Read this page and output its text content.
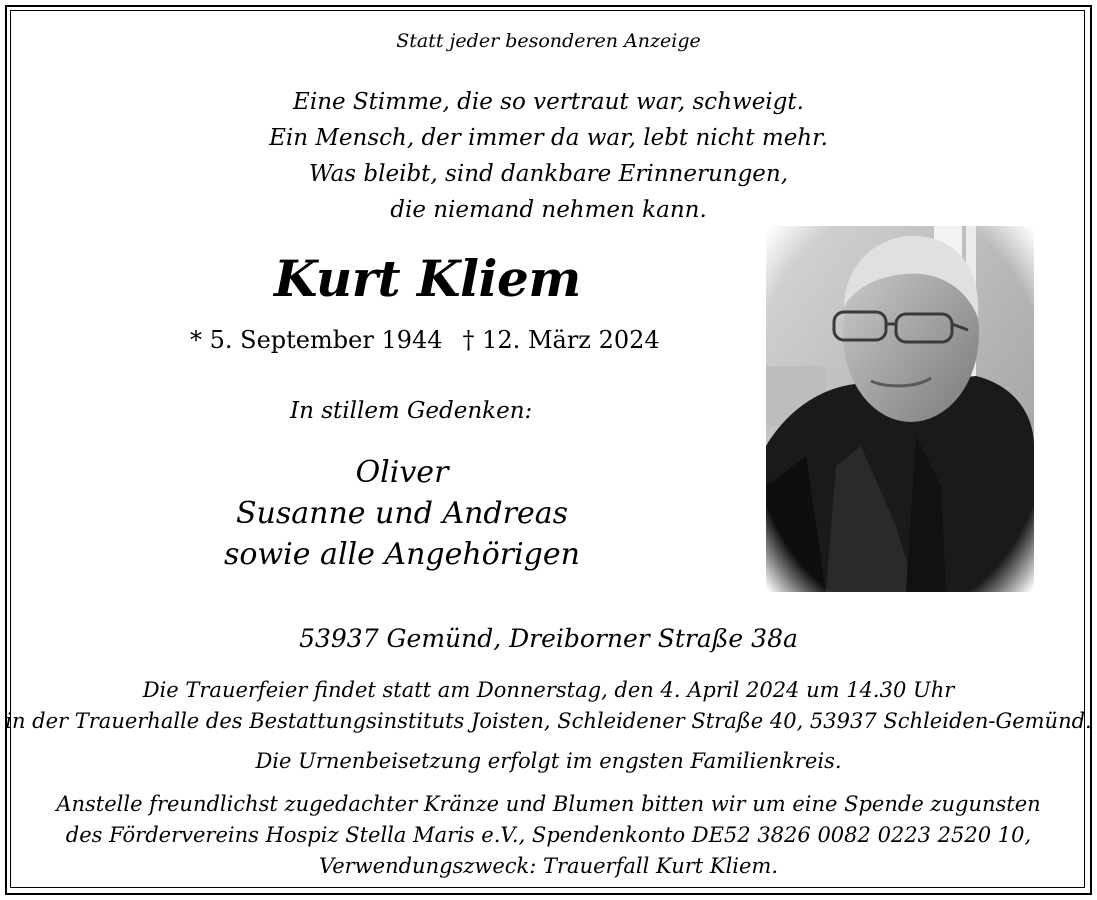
Statt jeder besonderen Anzeige
Eine Stimme, die so vertraut war, schweigt.
Ein Mensch, der immer da war, lebt nicht mehr.
Was bleibt, sind dankbare Erinnerungen,
die niemand nehmen kann.
Kurt Kliem
* 5. September 1944 † 12. März 2024
In stillem Gedenken:
Oliver
Susanne und Andreas
sowie alle Angehörigen
53937 Gemünd, Dreiborner Straße 38a
Die Trauerfeier findet statt am Donnerstag, den 4. April 2024 um 14.30 Uhr
in der Trauerhalle des Bestattungsinstituts Joisten, Schleidener Straße 40, 53937 Schleiden-Gemünd.
Die Urnenbeisetzung erfolgt im engsten Familienkreis.
Anstelle freundlichst zugedachter Kränze und Blumen bitten wir um eine Spende zugunsten
des Fördervereins Hospiz Stella Maris e.V., Spendenkonto DE52 3826 0082 0223 2520 10,
Verwendungszweck: Trauerfall Kurt Kliem.
